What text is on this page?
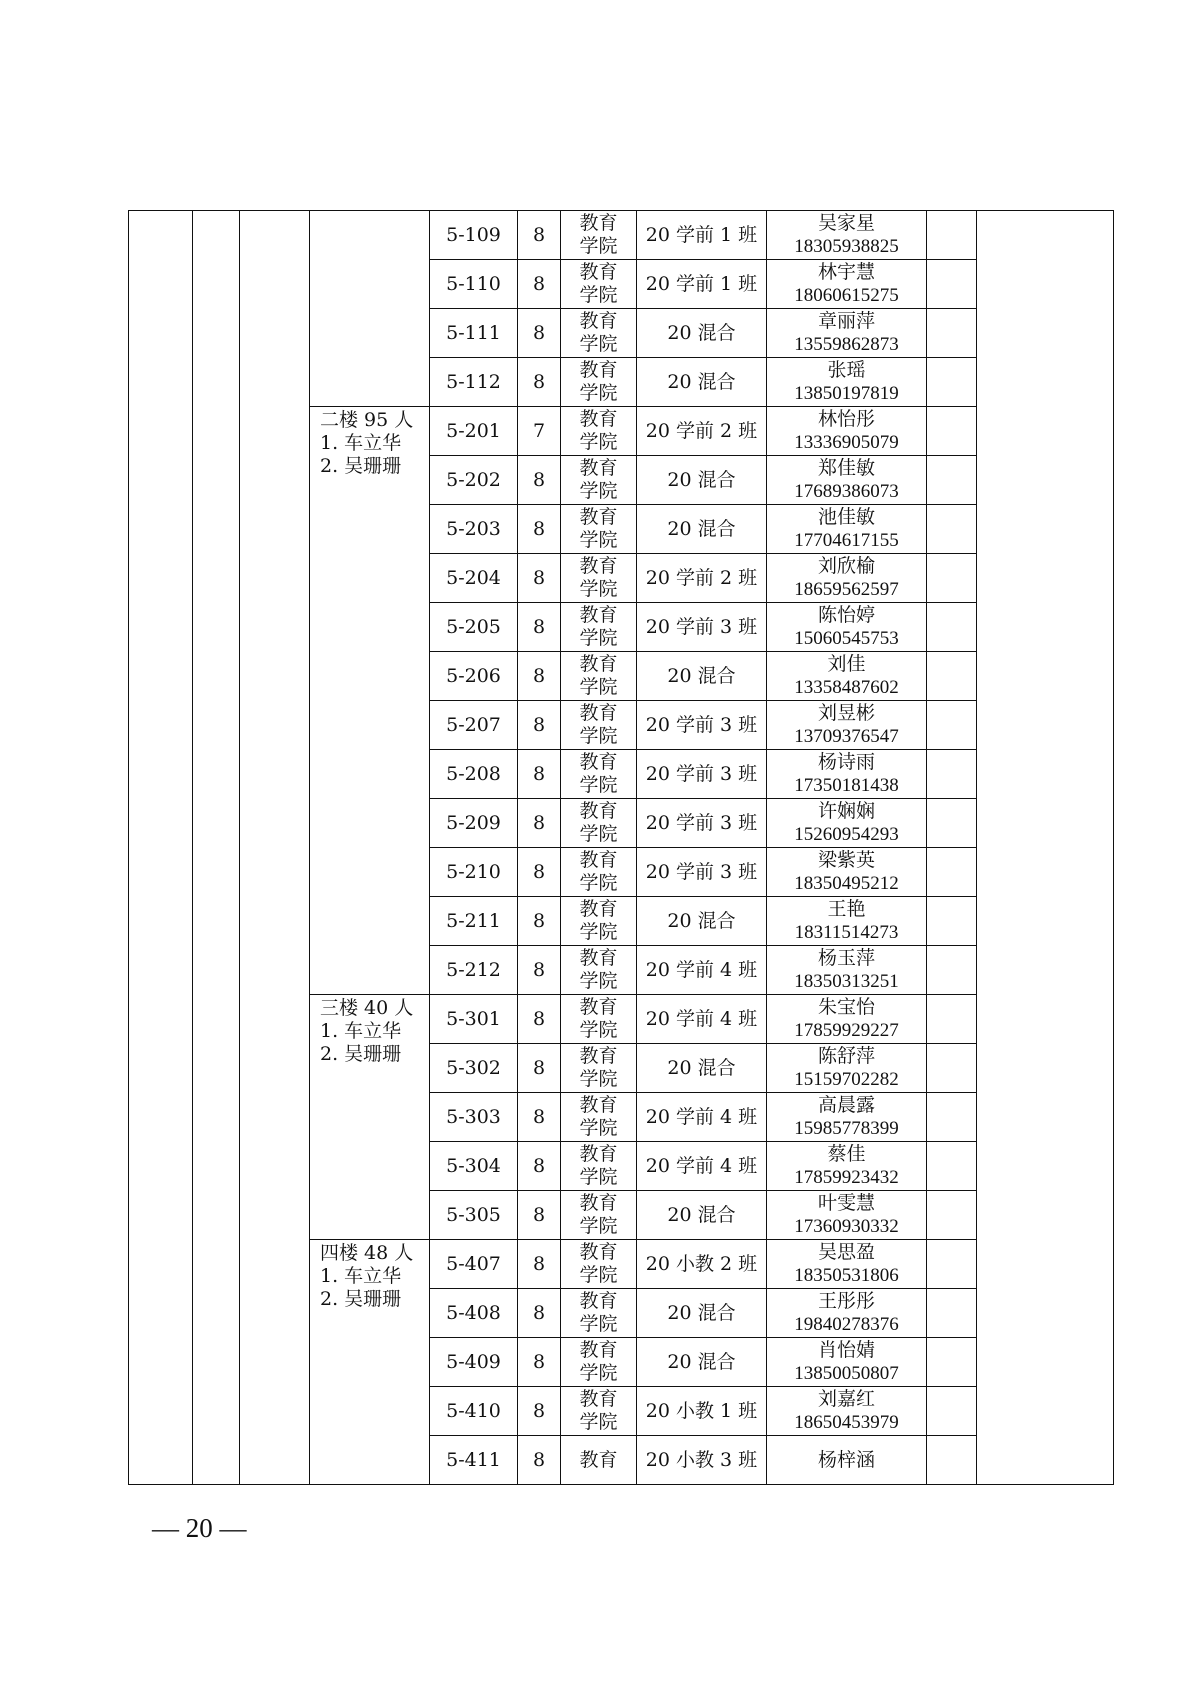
				5-109	8	教育学院	20 学前 1 班	吴家星
18305938825		

				5-110	8	教育学院	20 学前 1 班	林宇慧
18060615275		

				5-111	8	教育学院	20 混合	章丽萍
13559862873		

				5-112	8	教育学院	20 混合	张瑶
13850197819		

			二楼 95 人
1. 车立华
2. 吴珊珊	5-201	7	教育学院	20 学前 2 班	林怡彤
13336905079		

				5-202	8	教育学院	20 混合	郑佳敏
17689386073		

				5-203	8	教育学院	20 混合	池佳敏
17704617155		

				5-204	8	教育学院	20 学前 2 班	刘欣榆
18659562597		

				5-205	8	教育学院	20 学前 3 班	陈怡婷
15060545753		

				5-206	8	教育学院	20 混合	刘佳
13358487602		

				5-207	8	教育学院	20 学前 3 班	刘昱彬
13709376547		

				5-208	8	教育学院	20 学前 3 班	杨诗雨
17350181438		

				5-209	8	教育学院	20 学前 3 班	许娴娴
15260954293		

				5-210	8	教育学院	20 学前 3 班	梁紫英
18350495212		

				5-211	8	教育学院	20 混合	王艳
18311514273		

				5-212	8	教育学院	20 学前 4 班	杨玉萍
18350313251		

			三楼 40 人
1. 车立华
2. 吴珊珊	5-301	8	教育学院	20 学前 4 班	朱宝怡
17859929227		

				5-302	8	教育学院	20 混合	陈舒萍
15159702282		

				5-303	8	教育学院	20 学前 4 班	高晨露
15985778399		

				5-304	8	教育学院	20 学前 4 班	蔡佳
17859923432		

				5-305	8	教育学院	20 混合	叶雯慧
17360930332		

			四楼 48 人
1. 车立华
2. 吴珊珊	5-407	8	教育学院	20 小教 2 班	吴思盈
18350531806		

				5-408	8	教育学院	20 混合	王彤彤
19840278376		

				5-409	8	教育学院	20 混合	肖怡婧
13850050807		

				5-410	8	教育学院	20 小教 1 班	刘嘉红
18650453979		

				5-411	8	教育	20 小教 3 班	杨梓涵		

— 20 —
